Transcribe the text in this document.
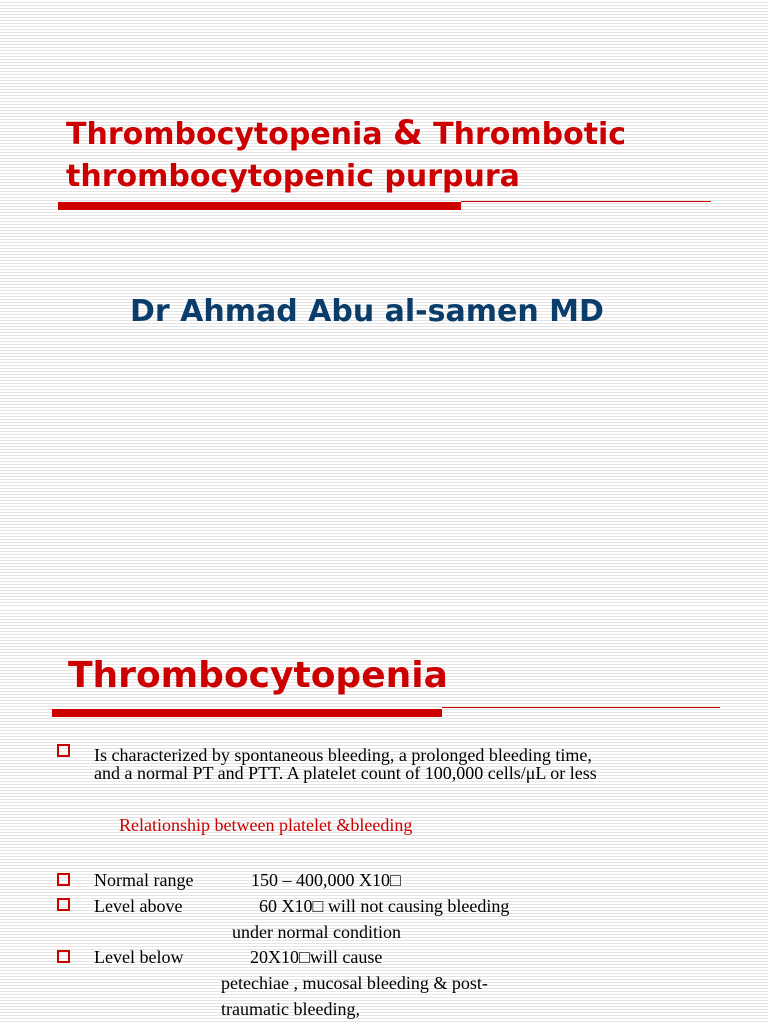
Thrombocytopenia & Thrombotic thrombocytopenic purpura
Dr Ahmad Abu al-samen MD
Thrombocytopenia
Is characterized by spontaneous bleeding, a prolonged bleeding time,
and a normal PT and PTT. A platelet count of 100,000 cells/μL or less
Relationship between platelet &bleeding
Normal range	150 – 400,000 X10□
Level above	60 X10□ will not causing bleeding
under normal condition
Level below	20X10□will cause
petechiae , mucosal bleeding & post-
traumatic bleeding,
